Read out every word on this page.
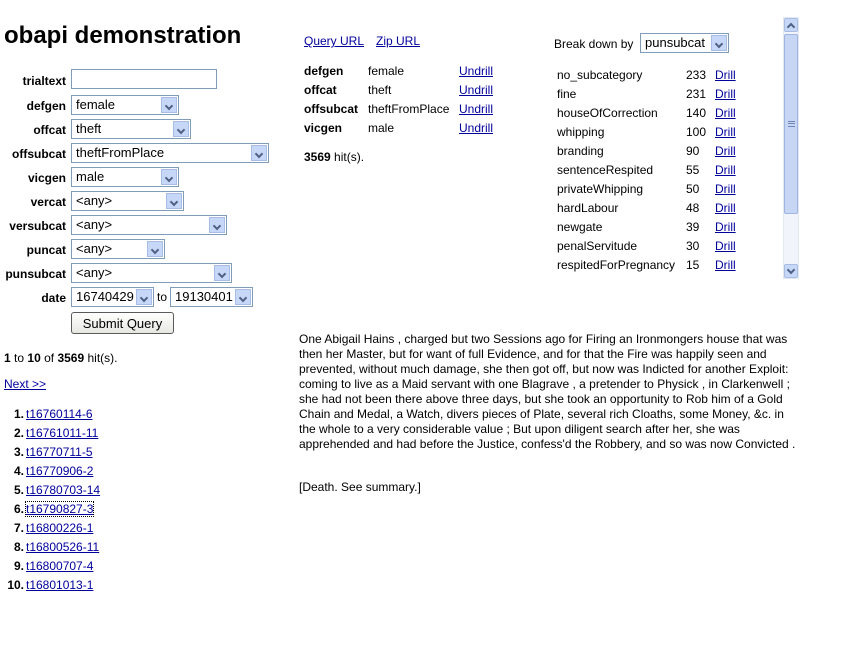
obapi demonstration
trialtext
defgen female
offcat theft
offsubcat theftFromPlace
vicgen male
vercat <any>
versubcat <any>
puncat <any>
punsubcat <any>
date 16740429 to 19130401
Submit Query
1 to 10 of 3569 hit(s).
Next >>
1. t16760114-6
2. t16761011-11
3. t16770711-5
4. t16770906-2
5. t16780703-14
6. t16790827-3
7. t16800226-1
8. t16800526-11
9. t16800707-4
10. t16801013-1
Query URL Zip URL
defgen	female	Undrill
offcat	theft	Undrill
offsubcat	theftFromPlace	Undrill
vicgen	male	Undrill
3569 hit(s).
Break down by punsubcat
no_subcategory	233	Drill
fine	231	Drill
houseOfCorrection	140	Drill
whipping	100	Drill
branding	90	Drill
sentenceRespited	55	Drill
privateWhipping	50	Drill
hardLabour	48	Drill
newgate	39	Drill
penalServitude	30	Drill
respitedForPregnancy	15	Drill

One Abigail Hains , charged but two Sessions ago for Firing an Ironmongers house that was then her Master, but for want of full Evidence, and for that the Fire was happily seen and prevented, without much damage, she then got off, but now was Indicted for another Exploit: coming to live as a Maid servant with one Blagrave , a pretender to Physick , in Clarkenwell ; she had not been there above three days, but she took an opportunity to Rob him of a Gold Chain and Medal, a Watch, divers pieces of Plate, several rich Cloaths, some Money, &c. in the whole to a very considerable value ; But upon diligent search after her, she was apprehended and had before the Justice, confess'd the Robbery, and so was now Convicted .

[Death. See summary.]
